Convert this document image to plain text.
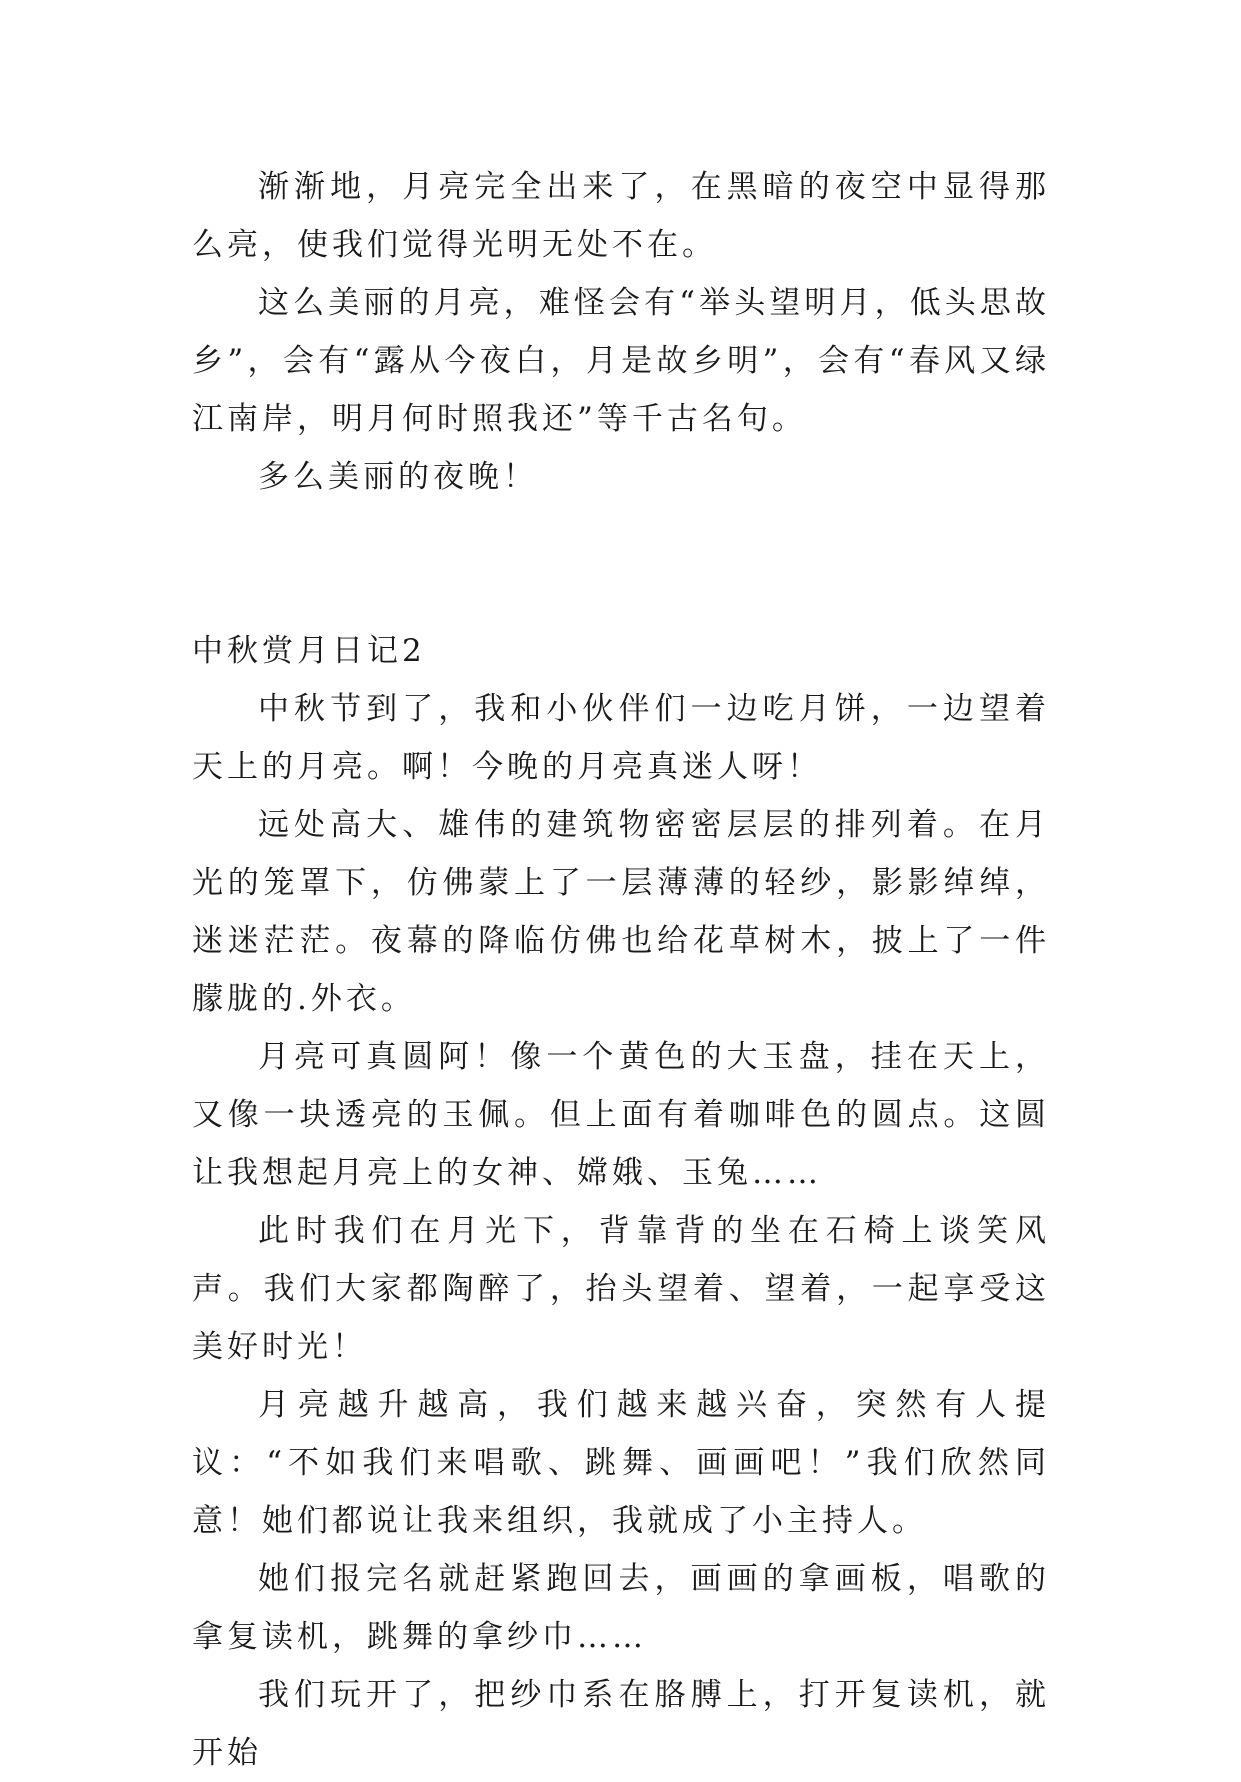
渐渐地，月亮完全出来了，在黑暗的夜空中显得那么亮，使我们觉得光明无处不在。

这么美丽的月亮，难怪会有“举头望明月，低头思故乡”，会有“露从今夜白，月是故乡明”，会有“春风又绿江南岸，明月何时照我还”等千古名句。

多么美丽的夜晚！

中秋赏月日记2

中秋节到了，我和小伙伴们一边吃月饼，一边望着天上的月亮。啊！今晚的月亮真迷人呀！

远处高大、雄伟的建筑物密密层层的排列着。在月光的笼罩下，仿佛蒙上了一层薄薄的轻纱，影影绰绰，迷迷茫茫。夜幕的降临仿佛也给花草树木，披上了一件朦胧的.外衣。

月亮可真圆阿！像一个黄色的大玉盘，挂在天上，又像一块透亮的玉佩。但上面有着咖啡色的圆点。这圆让我想起月亮上的女神、嫦娥、玉兔……

此时我们在月光下，背靠背的坐在石椅上谈笑风声。我们大家都陶醉了，抬头望着、望着，一起享受这美好时光！

月亮越升越高，我们越来越兴奋，突然有人提议：“不如我们来唱歌、跳舞、画画吧！”我们欣然同意！她们都说让我来组织，我就成了小主持人。

她们报完名就赶紧跑回去，画画的拿画板，唱歌的拿复读机，跳舞的拿纱巾……

我们玩开了，把纱巾系在胳膊上，打开复读机，就开始
